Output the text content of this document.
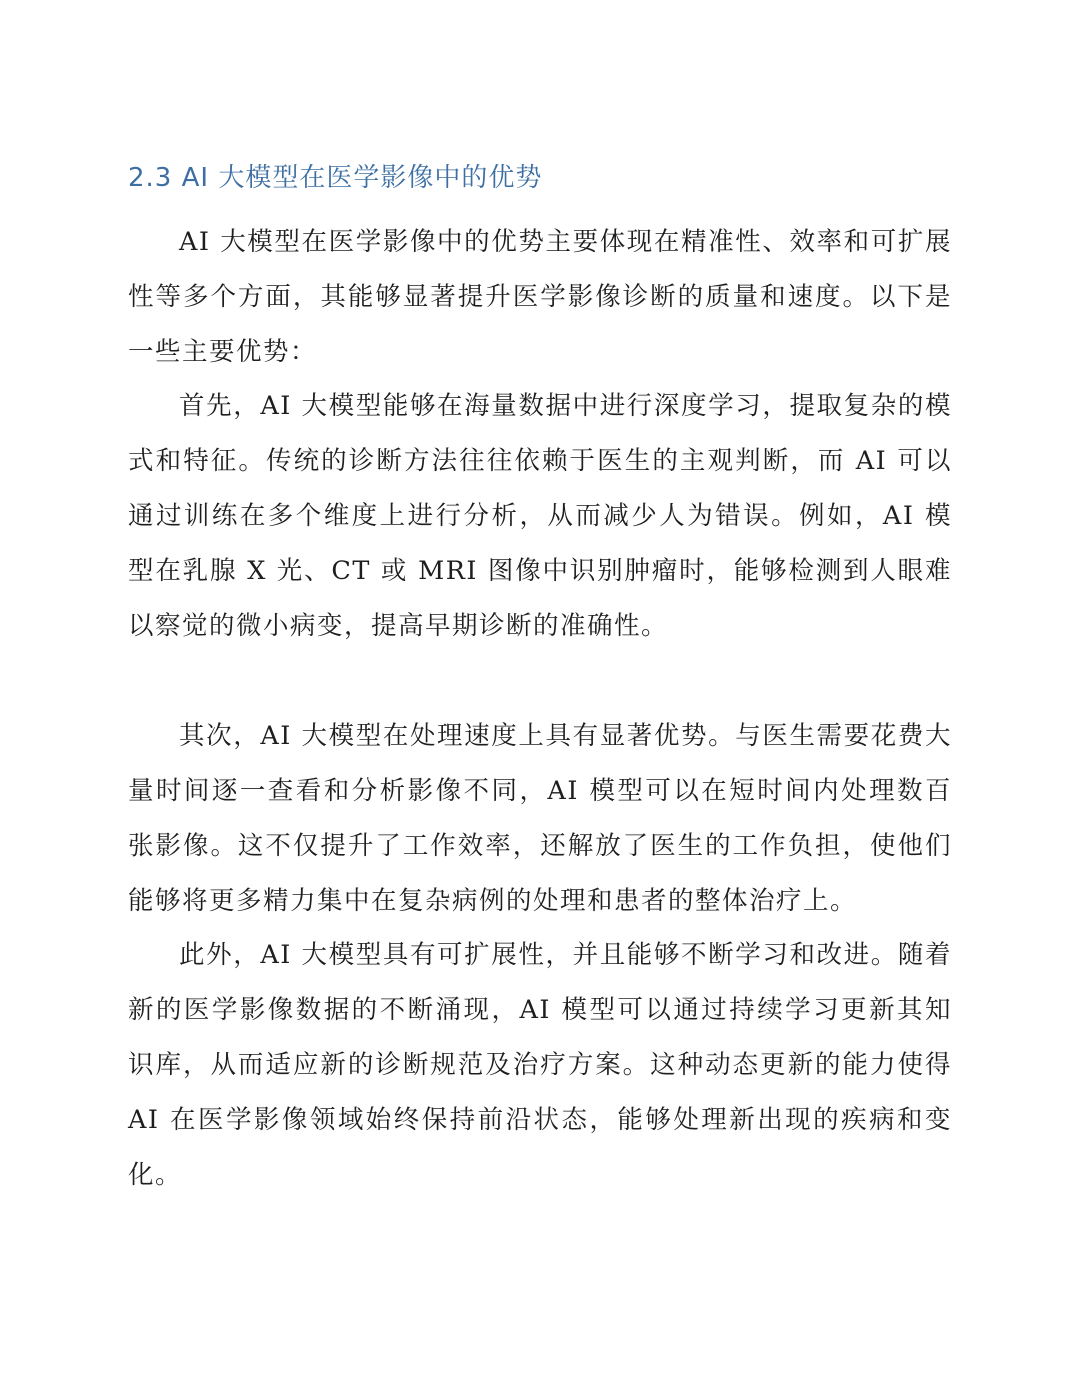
2.3 AI 大模型在医学影像中的优势

AI 大模型在医学影像中的优势主要体现在精准性、效率和可扩展性等多个方面，其能够显著提升医学影像诊断的质量和速度。以下是一些主要优势：

首先，AI 大模型能够在海量数据中进行深度学习，提取复杂的模式和特征。传统的诊断方法往往依赖于医生的主观判断，而 AI 可以通过训练在多个维度上进行分析，从而减少人为错误。例如，AI 模型在乳腺 X 光、CT 或 MRI 图像中识别肿瘤时，能够检测到人眼难以察觉的微小病变，提高早期诊断的准确性。

其次，AI 大模型在处理速度上具有显著优势。与医生需要花费大量时间逐一查看和分析影像不同，AI 模型可以在短时间内处理数百张影像。这不仅提升了工作效率，还解放了医生的工作负担，使他们能够将更多精力集中在复杂病例的处理和患者的整体治疗上。

此外，AI 大模型具有可扩展性，并且能够不断学习和改进。随着新的医学影像数据的不断涌现，AI 模型可以通过持续学习更新其知识库，从而适应新的诊断规范及治疗方案。这种动态更新的能力使得 AI 在医学影像领域始终保持前沿状态，能够处理新出现的疾病和变化。
